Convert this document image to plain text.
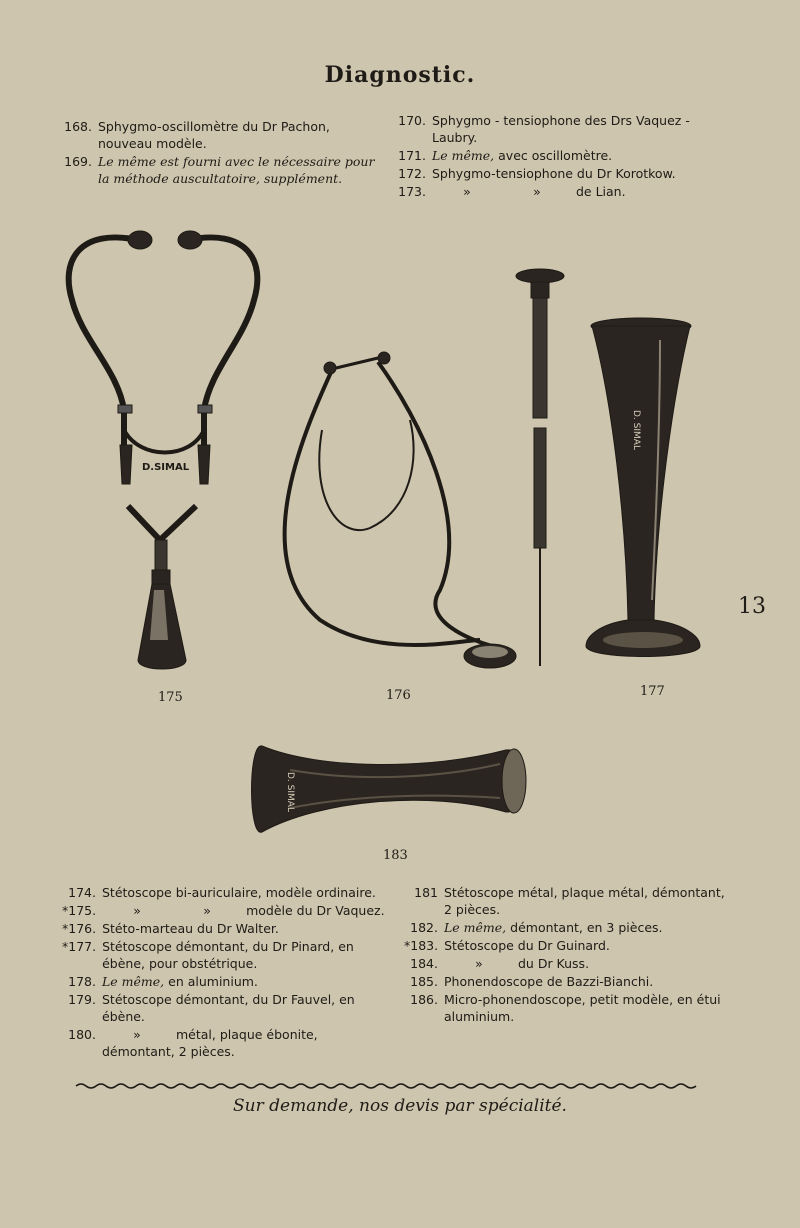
Diagnostic.
168. Sphygmo-oscillomètre du Dr Pachon, nouveau modèle.
169. Le même est fourni avec le nécessaire pour la méthode auscultatoire, supplément.
170. Sphygmo - tensiophone des Drs Vaquez - Laubry.
171. Le même, avec oscillomètre.
172. Sphygmo-tensiophone du Dr Korotkow.
173.	»	»	de Lian.
D.SIMAL
D. SIMAL
D. SIMAL
175	176	177
183
13
174. Stétoscope bi-auriculaire, modèle ordinaire.
*175.	»	»	modèle du Dr Vaquez.
*176. Stéto-marteau du Dr Walter.
*177. Stétoscope démontant, du Dr Pinard, en ébène, pour obstétrique.
178. Le même, en aluminium.
179. Stétoscope démontant, du Dr Fauvel, en ébène.
180.	»	métal, plaque ébonite, démontant, 2 pièces.
181 Stétoscope métal, plaque métal, démontant, 2 pièces.
182. Le même, démontant, en 3 pièces.
*183. Stétoscope du Dr Guinard.
184.	»	du Dr Kuss.
185. Phonendoscope de Bazzi-Bianchi.
186. Micro-phonendoscope, petit modèle, en étui aluminium.
Sur demande, nos devis par spécialité.
